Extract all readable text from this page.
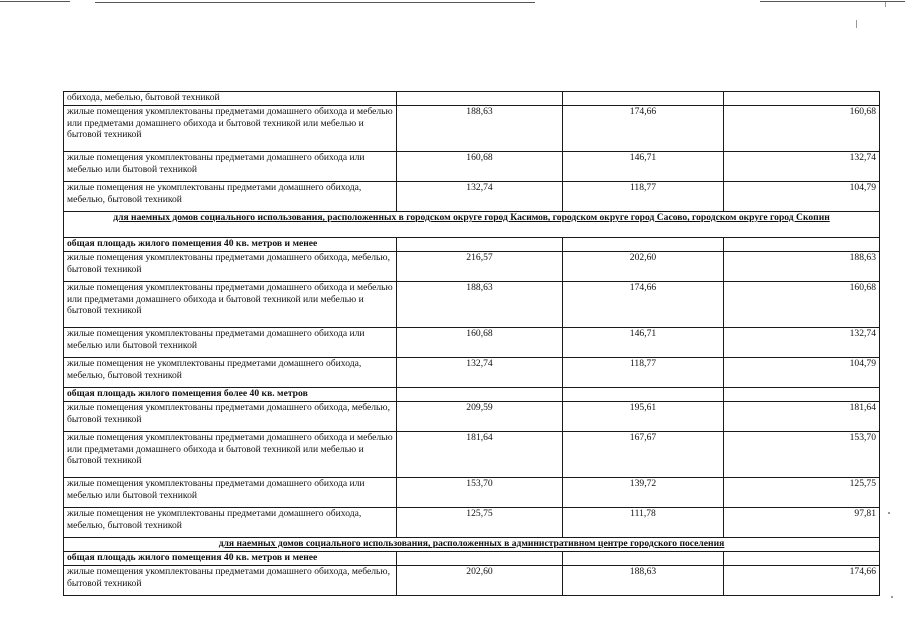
обихода, мебелью, бытовой техникой			
жилые помещения укомплектованы предметами домашнего обихода и мебелью или предметами домашнего обихода и бытовой техникой или мебелью и бытовой техникой	188,63	174,66	160,68
жилые помещения укомплектованы предметами домашнего обихода или мебелью или бытовой техникой	160,68	146,71	132,74
жилые помещения не укомплектованы предметами домашнего обихода, мебелью, бытовой техникой	132,74	118,77	104,79
для наемных домов социального использования, расположенных в городском округе город Касимов, городском округе город Сасово, городском округе город Скопин			
общая площадь жилого помещения 40 кв. метров и менее			
жилые помещения укомплектованы предметами домашнего обихода, мебелью, бытовой техникой	216,57	202,60	188,63
жилые помещения укомплектованы предметами домашнего обихода и мебелью или предметами домашнего обихода и бытовой техникой или мебелью и бытовой техникой	188,63	174,66	160,68
жилые помещения укомплектованы предметами домашнего обихода или мебелью или бытовой техникой	160,68	146,71	132,74
жилые помещения не укомплектованы предметами домашнего обихода, мебелью, бытовой техникой	132,74	118,77	104,79
общая площадь жилого помещения более 40 кв. метров			
жилые помещения укомплектованы предметами домашнего обихода, мебелью, бытовой техникой	209,59	195,61	181,64
жилые помещения укомплектованы предметами домашнего обихода и мебелью или предметами домашнего обихода и бытовой техникой или мебелью и бытовой техникой	181,64	167,67	153,70
жилые помещения укомплектованы предметами домашнего обихода или мебелью или бытовой техникой	153,70	139,72	125,75
жилые помещения не укомплектованы предметами домашнего обихода, мебелью, бытовой техникой	125,75	111,78	97,81
для наемных домов социального использования, расположенных в административном центре городского поселения			
общая площадь жилого помещения 40 кв. метров и менее			
жилые помещения укомплектованы предметами домашнего обихода, мебелью, бытовой техникой	202,60	188,63	174,66
